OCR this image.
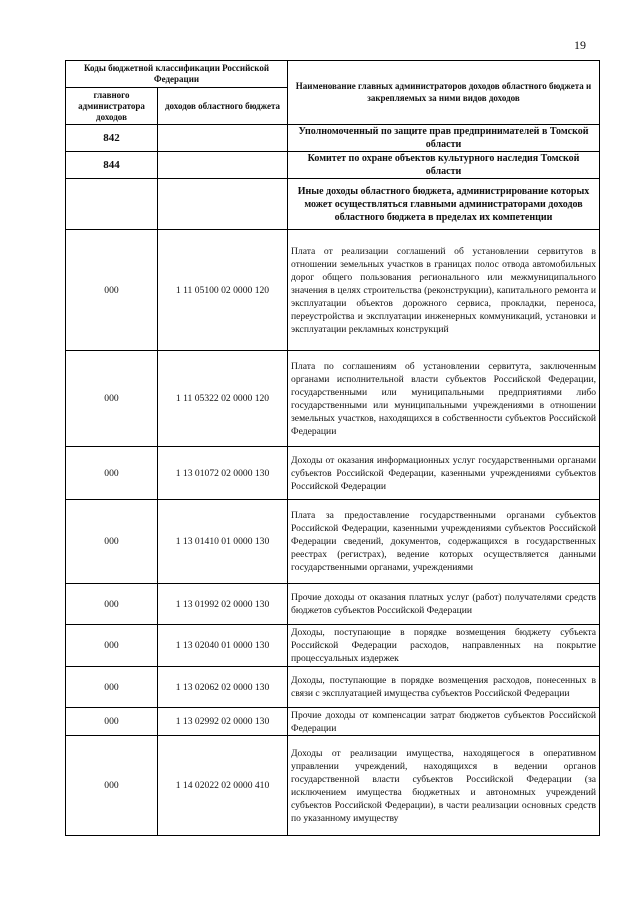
19
Коды бюджетной классификации Российской Федерации		Наименование главных администраторов доходов областного бюджета и закрепляемых за ними видов доходов
главного администратора доходов	доходов областного бюджета	
842		Уполномоченный по защите прав предпринимателей в Томской области
844		Комитет по охране объектов культурного наследия Томской области
		Иные доходы областного бюджета, администрирование которых может осуществляться главными администраторами доходов областного бюджета в пределах их компетенции
000	1 11 05100 02 0000 120	Плата от реализации соглашений об установлении сервитутов в отношении земельных участков в границах полос отвода автомобильных дорог общего пользования регионального или межмуниципального значения в целях строительства (реконструкции), капитального ремонта и эксплуатации объектов дорожного сервиса, прокладки, переноса, переустройства и эксплуатации инженерных коммуникаций, установки и эксплуатации рекламных конструкций
000	1 11 05322 02 0000 120	Плата по соглашениям об установлении сервитута, заключенным органами исполнительной власти субъектов Российской Федерации, государственными или муниципальными предприятиями либо государственными или муниципальными учреждениями в отношении земельных участков, находящихся в собственности субъектов Российской Федерации
000	1 13 01072 02 0000 130	Доходы от оказания информационных услуг государственными органами субъектов Российской Федерации, казенными учреждениями субъектов Российской Федерации
000	1 13 01410 01 0000 130	Плата за предоставление государственными органами субъектов Российской Федерации, казенными учреждениями субъектов Российской Федерации сведений, документов, содержащихся в государственных реестрах (регистрах), ведение которых осуществляется данными государственными органами, учреждениями
000	1 13 01992 02 0000 130	Прочие доходы от оказания платных услуг (работ) получателями средств бюджетов субъектов Российской Федерации
000	1 13 02040 01 0000 130	Доходы, поступающие в порядке возмещения бюджету субъекта Российской Федерации расходов, направленных на покрытие процессуальных издержек
000	1 13 02062 02 0000 130	Доходы, поступающие в порядке возмещения расходов, понесенных в связи с эксплуатацией имущества субъектов Российской Федерации
000	1 13 02992 02 0000 130	Прочие доходы от компенсации затрат бюджетов субъектов Российской Федерации
000	1 14 02022 02 0000 410	Доходы от реализации имущества, находящегося в оперативном управлении учреждений, находящихся в ведении органов государственной власти субъектов Российской Федерации (за исключением имущества бюджетных и автономных учреждений субъектов Российской Федерации), в части реализации основных средств по указанному имуществу
